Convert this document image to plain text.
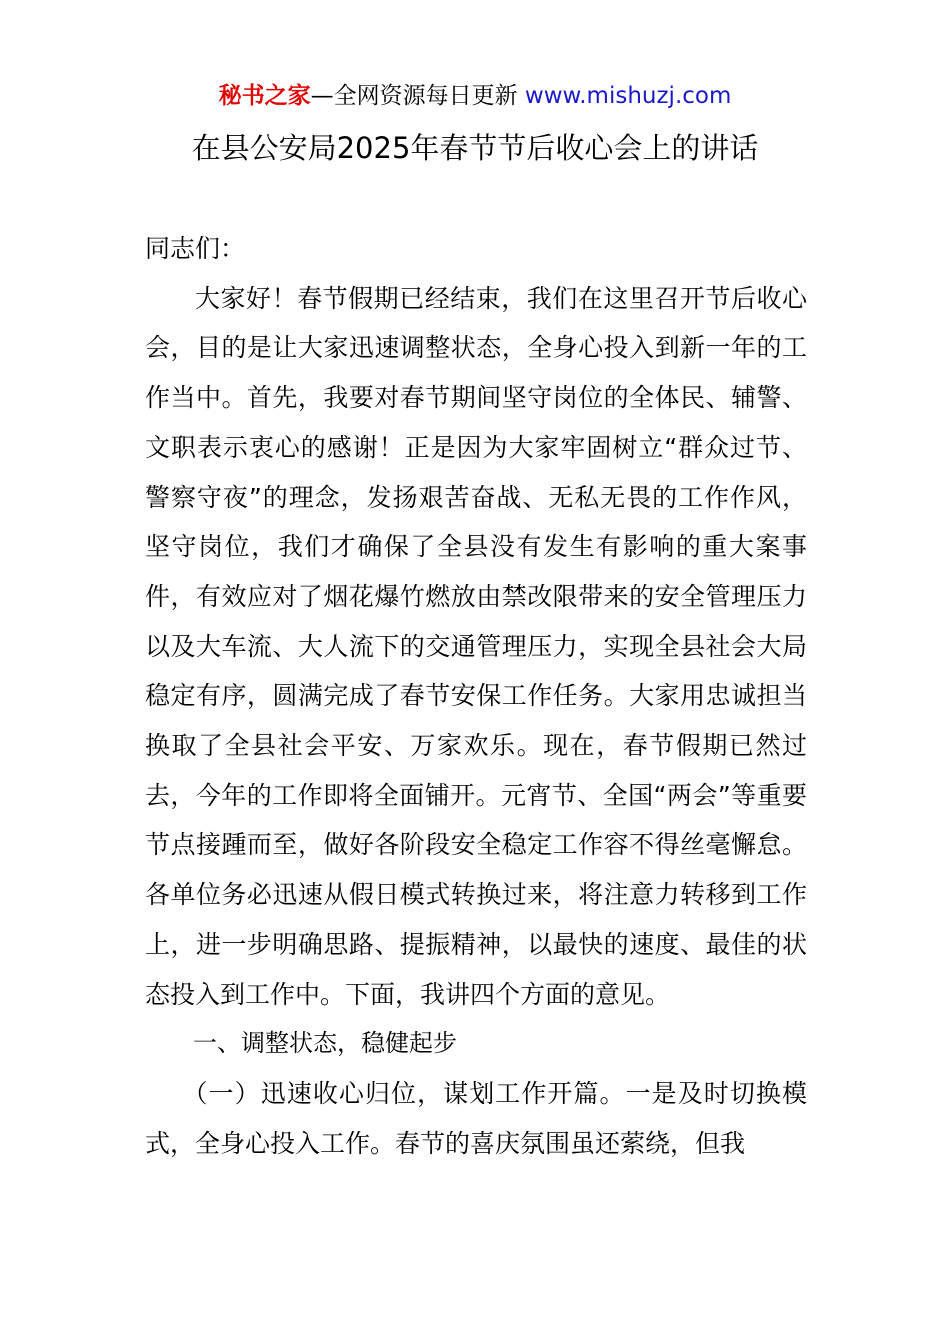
秘书之家—全网资源每日更新 www.mishuzj.com
在县公安局2025年春节节后收心会上的讲话

同志们：

大家好！春节假期已经结束，我们在这里召开节后收心会，目的是让大家迅速调整状态，全身心投入到新一年的工作当中。首先，我要对春节期间坚守岗位的全体民、辅警、文职表示衷心的感谢！正是因为大家牢固树立“群众过节、警察守夜”的理念，发扬艰苦奋战、无私无畏的工作作风，坚守岗位，我们才确保了全县没有发生有影响的重大案事件，有效应对了烟花爆竹燃放由禁改限带来的安全管理压力以及大车流、大人流下的交通管理压力，实现全县社会大局稳定有序，圆满完成了春节安保工作任务。大家用忠诚担当换取了全县社会平安、万家欢乐。现在，春节假期已然过去，今年的工作即将全面铺开。元宵节、全国“两会”等重要节点接踵而至，做好各阶段安全稳定工作容不得丝毫懈怠。各单位务必迅速从假日模式转换过来，将注意力转移到工作上，进一步明确思路、提振精神，以最快的速度、最佳的状态投入到工作中。下面，我讲四个方面的意见。

一、调整状态，稳健起步

（一）迅速收心归位，谋划工作开篇。一是及时切换模式，全身心投入工作。春节的喜庆氛围虽还萦绕，但我
